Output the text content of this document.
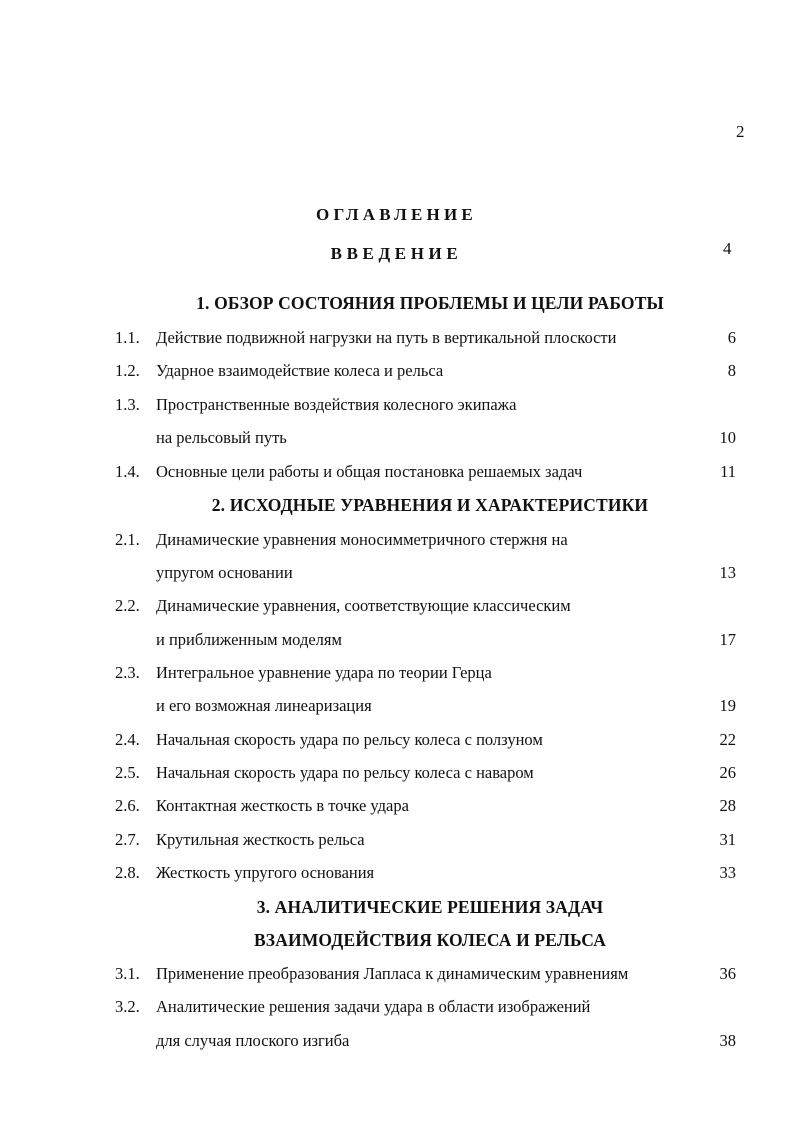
2
ОГЛАВЛЕНИЕ
ВВЕДЕНИЕ	4
1. ОБЗОР СОСТОЯНИЯ ПРОБЛЕМЫ И ЦЕЛИ РАБОТЫ
1.1. Действие подвижной нагрузки на путь в вертикальной плоскости	6
1.2. Ударное взаимодействие колеса и рельса	8
1.3. Пространственные воздействия колесного экипажа
на рельсовый путь	10
1.4. Основные цели работы и общая постановка решаемых задач	11
2. ИСХОДНЫЕ УРАВНЕНИЯ И ХАРАКТЕРИСТИКИ
2.1. Динамические уравнения моносимметричного стержня на
упругом основании	13
2.2. Динамические уравнения, соответствующие классическим
и приближенным моделям	17
2.3. Интегральное уравнение удара по теории Герца
и его возможная линеаризация	19
2.4. Начальная скорость удара по рельсу колеса с ползуном	22
2.5. Начальная скорость удара по рельсу колеса с наваром	26
2.6. Контактная жесткость в точке удара	28
2.7. Крутильная жесткость рельса	31
2.8. Жесткость упругого основания	33
3. АНАЛИТИЧЕСКИЕ РЕШЕНИЯ ЗАДАЧ
ВЗАИМОДЕЙСТВИЯ КОЛЕСА И РЕЛЬСА
3.1. Применение преобразования Лапласа к динамическим уравнениям	36
3.2. Аналитические решения задачи удара в области изображений
для случая плоского изгиба	38
